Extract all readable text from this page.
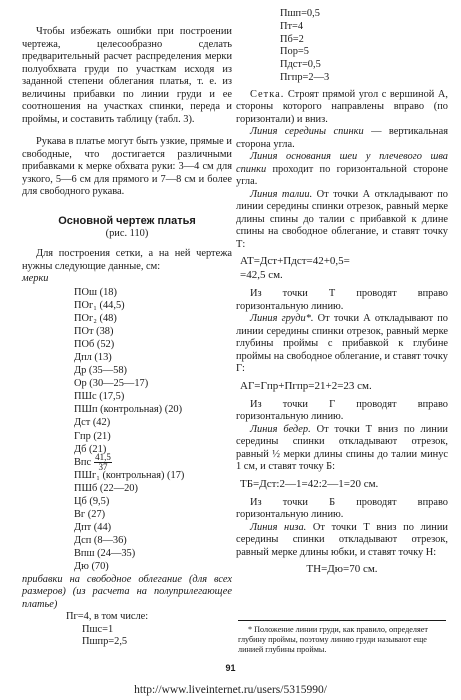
Чтобы избежать ошибки при построении чертежа, целесообразно сделать предварительный расчет распределения мерки полуобхвата груди по участкам исходя из заданной степени облегания платья, т. е. из величины прибавки по линии груди и ее соотношения на участках спинки, переда и проймы, и составить таблицу (табл. 3).

Рукава в платье могут быть узкие, прямые и свободные, что достигается различными прибавками к мерке обхвата руки: 3—4 см для узкого, 5—6 см для прямого и 7—8 см и более для свободного рукава.

Основной чертеж платья
(рис. 110)

Для построения сетки, а на ней чертежа нужны следующие данные, см:

мерки
ПОш (18)
ПОг₁ (44,5)
ПОг₂ (48)
ПОт (38)
ПОб (52)
Дпл (13)
Др (35—58)
Ор (30—25—17)
ПШс (17,5)
ПШп (контрольная) (20)
Дст (42)
Гпр (21)
Дб (21)
Впс $\frac{41,5}{37}$
ПШг₁ (контрольная) (17)
ПШб (22—20)
Цб (9,5)
Вг (27)
Дпт (44)
Дсп (8—36)
Впш (24—35)
Дю (70)

прибавки на свободное облегание (для всех размеров) (из расчета на полуприлегающее платье)

Пг=4, в том числе:
Пшс=1
Пшпр=2,5
Пшп=0,5
Пт=4
Пб=2
Пор=5
Пдст=0,5
Пгпр=2—3

Сетка. Строят прямой угол с вершиной А, стороны которого направлены вправо (по горизонтали) и вниз.

Линия середины спинки — вертикальная сторона угла.

Линия основания шеи у плечевого шва спинки проходит по горизонтальной стороне угла.

Линия талии. От точки А откладывают по линии середины спинки отрезок, равный мерке длины спины до талии с прибавкой к длине спины на свободное облегание, и ставят точку Т:

АТ=Дст+Пдст=42+0,5=
=42,5 см.

Из точки Т проводят вправо горизонтальную линию.

Линия груди*. От точки А откладывают по линии середины спинки отрезок, равный мерке глубины проймы с прибавкой к глубине проймы на свободное облегание, и ставят точку Г:

АГ=Гпр+Пгпр=21+2=23 см.

Из точки Г проводят вправо горизонтальную линию.

Линия бедер. От точки Т вниз по линии середины спинки откладывают отрезок, равный ½ мерки длины спины до талии минус 1 см, и ставят точку Б:

ТБ=Дст:2—1=42:2—1=20 см.

Из точки Б проводят вправо горизонтальную линию.

Линия низа. От точки Т вниз по линии середины спинки откладывают отрезок, равный мерке длины юбки, и ставят точку Н:

ТН=Дю=70 см.
* Положение линии груди, как правило, определяет глубину проймы, поэтому линию груди называют еще линией глубины проймы.
91
http://www.liveinternet.ru/users/5315990/
